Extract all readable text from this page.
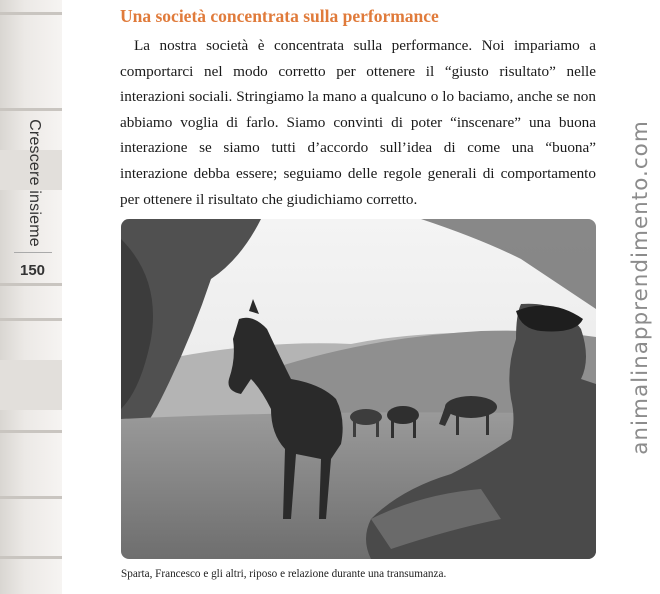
Crescere insieme
150
Una società concentrata sulla performance

La nostra società è concentrata sulla performance. Noi impariamo a comportarci nel modo corretto per ottenere il “giusto risultato” nelle interazioni sociali. Stringiamo la mano a qualcuno o lo baciamo, anche se non abbiamo voglia di farlo. Siamo convinti di poter “inscenare” una buona interazione se siamo tutti d’accordo sull’idea di come una “buona” interazione debba essere; seguiamo delle regole generali di comportamento per ottenere il risultato che giudichiamo corretto.

Sparta, Francesco e gli altri, riposo e relazione durante una transumanza.

animalinapprendimento.com
